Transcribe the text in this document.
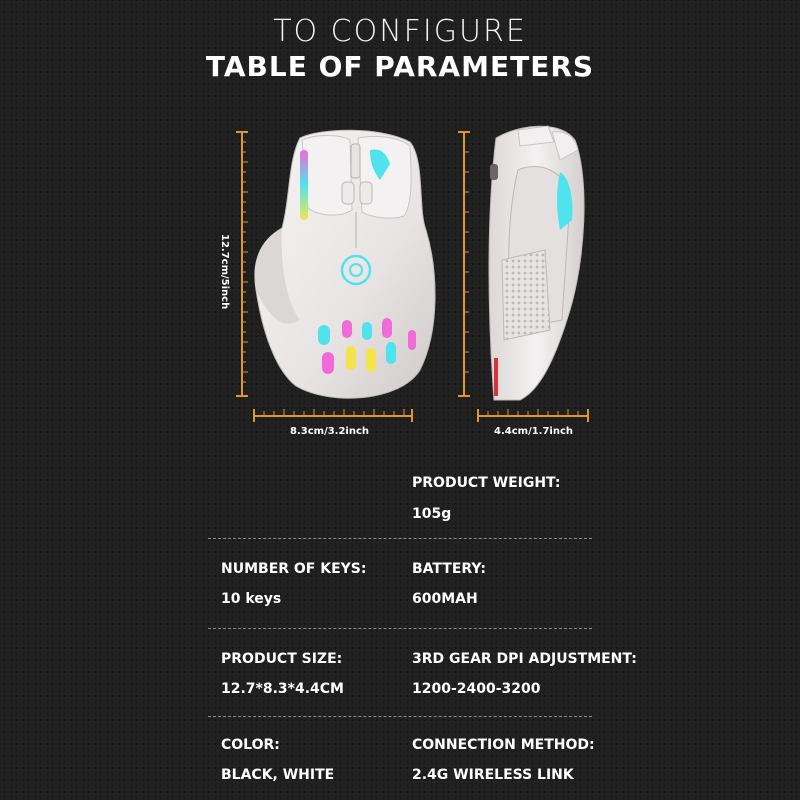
TO CONFIGURE
TABLE OF PARAMETERS
12.7cm/5inch
8.3cm/3.2inch	4.4cm/1.7inch
PRODUCT WEIGHT:
105g
NUMBER OF KEYS:
10 keys
BATTERY:
600MAH
PRODUCT SIZE:
12.7*8.3*4.4CM
3RD GEAR DPI ADJUSTMENT:
1200-2400-3200
COLOR:
BLACK, WHITE
CONNECTION METHOD:
2.4G WIRELESS LINK
